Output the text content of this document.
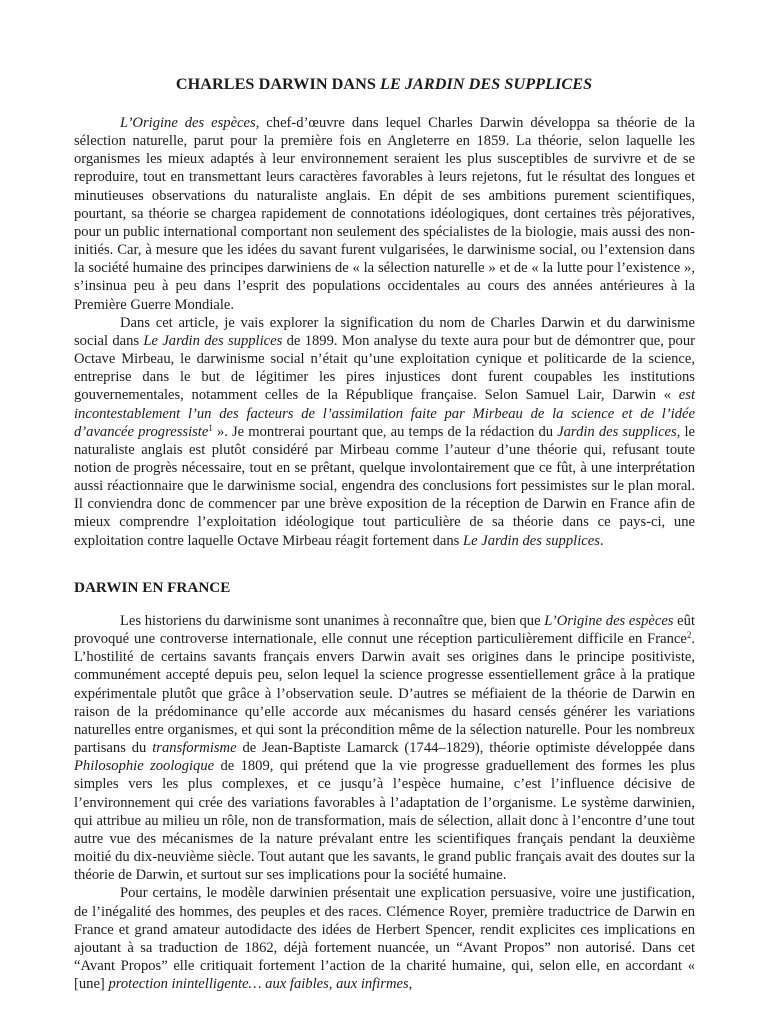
CHARLES DARWIN DANS LE JARDIN DES SUPPLICES

L’Origine des espèces, chef-d’œuvre dans lequel Charles Darwin développa sa théorie de la sélection naturelle, parut pour la première fois en Angleterre en 1859. La théorie, selon laquelle les organismes les mieux adaptés à leur environnement seraient les plus susceptibles de survivre et de se reproduire, tout en transmettant leurs caractères favorables à leurs rejetons, fut le résultat des longues et minutieuses observations du naturaliste anglais. En dépit de ses ambitions purement scientifiques, pourtant, sa théorie se chargea rapidement de connotations idéologiques, dont certaines très péjoratives, pour un public international comportant non seulement des spécialistes de la biologie, mais aussi des non-initiés. Car, à mesure que les idées du savant furent vulgarisées, le darwinisme social, ou l’extension dans la société humaine des principes darwiniens de « la sélection naturelle » et de « la lutte pour l’existence », s’insinua peu à peu dans l’esprit des populations occidentales au cours des années antérieures à la Première Guerre Mondiale.

Dans cet article, je vais explorer la signification du nom de Charles Darwin et du darwinisme social dans Le Jardin des supplices de 1899. Mon analyse du texte aura pour but de démontrer que, pour Octave Mirbeau, le darwinisme social n’était qu’une exploitation cynique et politicarde de la science, entreprise dans le but de légitimer les pires injustices dont furent coupables les institutions gouvernementales, notamment celles de la République française. Selon Samuel Lair, Darwin « est incontestablement l’un des facteurs de l’assimilation faite par Mirbeau de la science et de l’idée d’avancée progressiste$^1$ ». Je montrerai pourtant que, au temps de la rédaction du Jardin des supplices, le naturaliste anglais est plutôt considéré par Mirbeau comme l’auteur d’une théorie qui, refusant toute notion de progrès nécessaire, tout en se prêtant, quelque involontairement que ce fût, à une interprétation aussi réactionnaire que le darwinisme social, engendra des conclusions fort pessimistes sur le plan moral. Il conviendra donc de commencer par une brève exposition de la réception de Darwin en France afin de mieux comprendre l’exploitation idéologique tout particulière de sa théorie dans ce pays-ci, une exploitation contre laquelle Octave Mirbeau réagit fortement dans Le Jardin des supplices.

DARWIN EN FRANCE

Les historiens du darwinisme sont unanimes à reconnaître que, bien que L’Origine des espèces eût provoqué une controverse internationale, elle connut une réception particulièrement difficile en France$^2$. L’hostilité de certains savants français envers Darwin avait ses origines dans le principe positiviste, communément accepté depuis peu, selon lequel la science progresse essentiellement grâce à la pratique expérimentale plutôt que grâce à l’observation seule. D’autres se méfiaient de la théorie de Darwin en raison de la prédominance qu’elle accorde aux mécanismes du hasard censés générer les variations naturelles entre organismes, et qui sont la précondition même de la sélection naturelle. Pour les nombreux partisans du transformisme de Jean-Baptiste Lamarck (1744–1829), théorie optimiste développée dans Philosophie zoologique de 1809, qui prétend que la vie progresse graduellement des formes les plus simples vers les plus complexes, et ce jusqu’à l’espèce humaine, c’est l’influence décisive de l’environnement qui crée des variations favorables à l’adaptation de l’organisme. Le système darwinien, qui attribue au milieu un rôle, non de transformation, mais de sélection, allait donc à l’encontre d’une tout autre vue des mécanismes de la nature prévalant entre les scientifiques français pendant la deuxième moitié du dix-neuvième siècle. Tout autant que les savants, le grand public français avait des doutes sur la théorie de Darwin, et surtout sur ses implications pour la société humaine.

Pour certains, le modèle darwinien présentait une explication persuasive, voire une justification, de l’inégalité des hommes, des peuples et des races. Clémence Royer, première traductrice de Darwin en France et grand amateur autodidacte des idées de Herbert Spencer, rendit explicites ces implications en ajoutant à sa traduction de 1862, déjà fortement nuancée, un “Avant Propos” non autorisé. Dans cet “Avant Propos” elle critiquait fortement l’action de la charité humaine, qui, selon elle, en accordant « [une] protection inintelligente… aux faibles, aux infirmes,
